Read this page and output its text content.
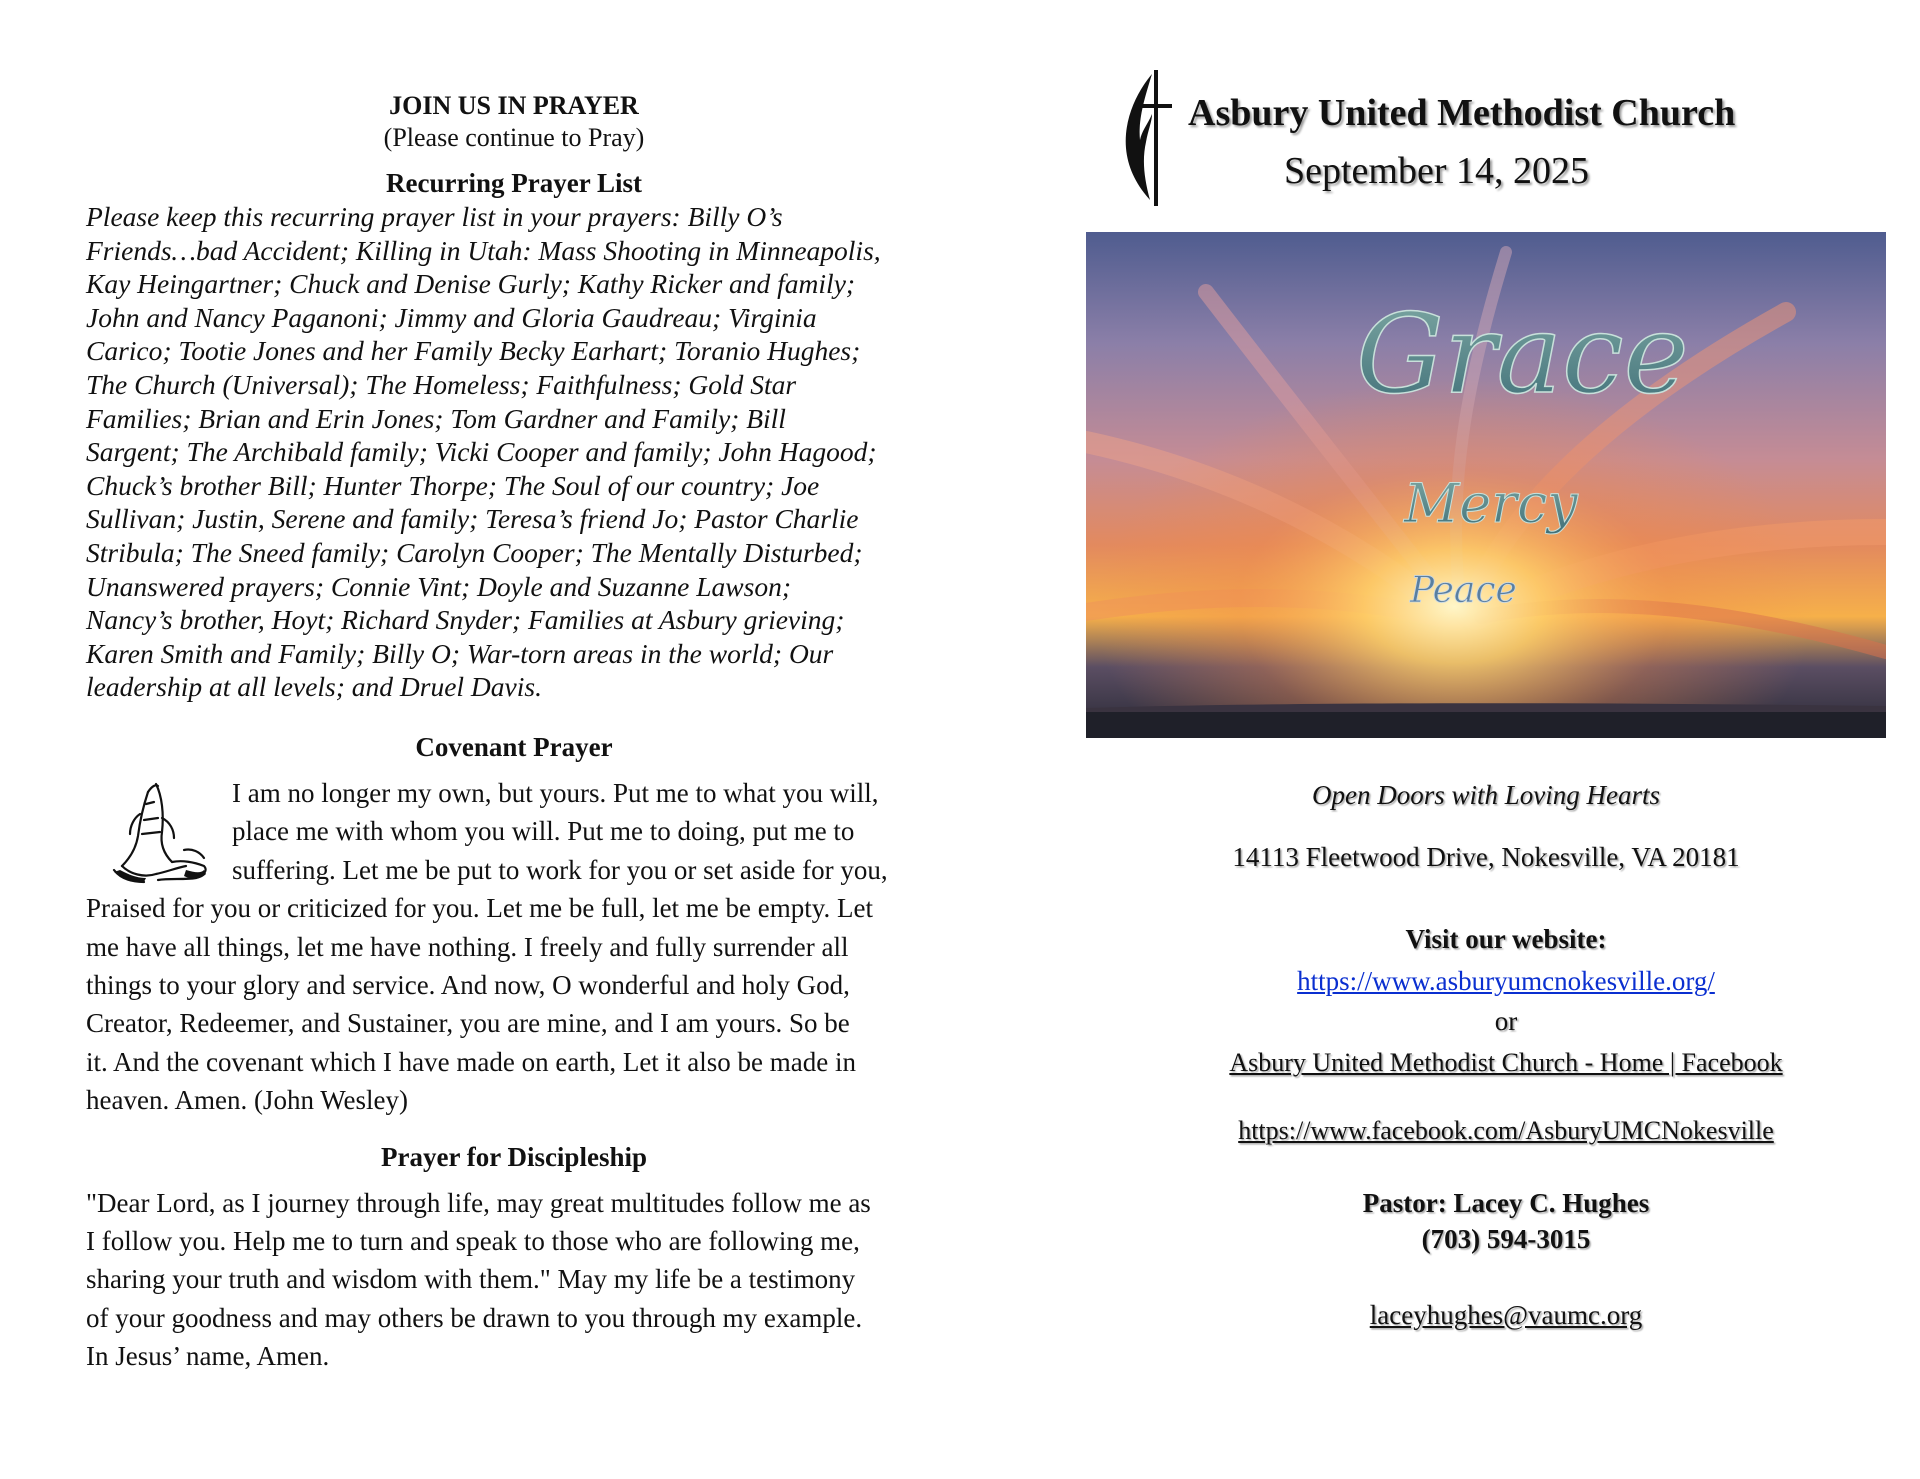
JOIN US IN PRAYER

(Please continue to Pray)

Recurring Prayer List

Please keep this recurring prayer list in your prayers: Billy O’s
Friends…bad Accident; Killing in Utah: Mass Shooting in Minneapolis,
Kay Heingartner; Chuck and Denise Gurly; Kathy Ricker and family;
John and Nancy Paganoni; Jimmy and Gloria Gaudreau; Virginia
Carico; Tootie Jones and her Family Becky Earhart; Toranio Hughes;
The Church (Universal); The Homeless; Faithfulness; Gold Star
Families; Brian and Erin Jones; Tom Gardner and Family; Bill
Sargent; The Archibald family; Vicki Cooper and family; John Hagood;
Chuck’s brother Bill; Hunter Thorpe; The Soul of our country; Joe
Sullivan; Justin, Serene and family; Teresa’s friend Jo; Pastor Charlie
Stribula; The Sneed family; Carolyn Cooper; The Mentally Disturbed;
Unanswered prayers; Connie Vint; Doyle and Suzanne Lawson;
Nancy’s brother, Hoyt; Richard Snyder; Families at Asbury grieving;
Karen Smith and Family; Billy O; War-torn areas in the world; Our
leadership at all levels; and Druel Davis.

Covenant Prayer

I am no longer my own, but yours. Put me to what you will,
place me with whom you will. Put me to doing, put me to
suffering. Let me be put to work for you or set aside for you,
Praised for you or criticized for you. Let me be full, let me be empty. Let
me have all things, let me have nothing. I freely and fully surrender all
things to your glory and service. And now, O wonderful and holy God,
Creator, Redeemer, and Sustainer, you are mine, and I am yours. So be
it. And the covenant which I have made on earth, Let it also be made in
heaven. Amen. (John Wesley)

Prayer for Discipleship

"Dear Lord, as I journey through life, may great multitudes follow me as
I follow you. Help me to turn and speak to those who are following me,
sharing your truth and wisdom with them." May my life be a testimony
of your goodness and may others be drawn to you through my example.
In Jesus’ name, Amen.
Asbury United Methodist Church
September 14, 2025
Grace
Mercy
Peace
Open Doors with Loving Hearts
14113 Fleetwood Drive, Nokesville, VA 20181
Visit our website:
https://www.asburyumcnokesville.org/
or
Asbury United Methodist Church - Home | Facebook
https://www.facebook.com/AsburyUMCNokesville
Pastor: Lacey C. Hughes
(703) 594-3015
laceyhughes@vaumc.org
